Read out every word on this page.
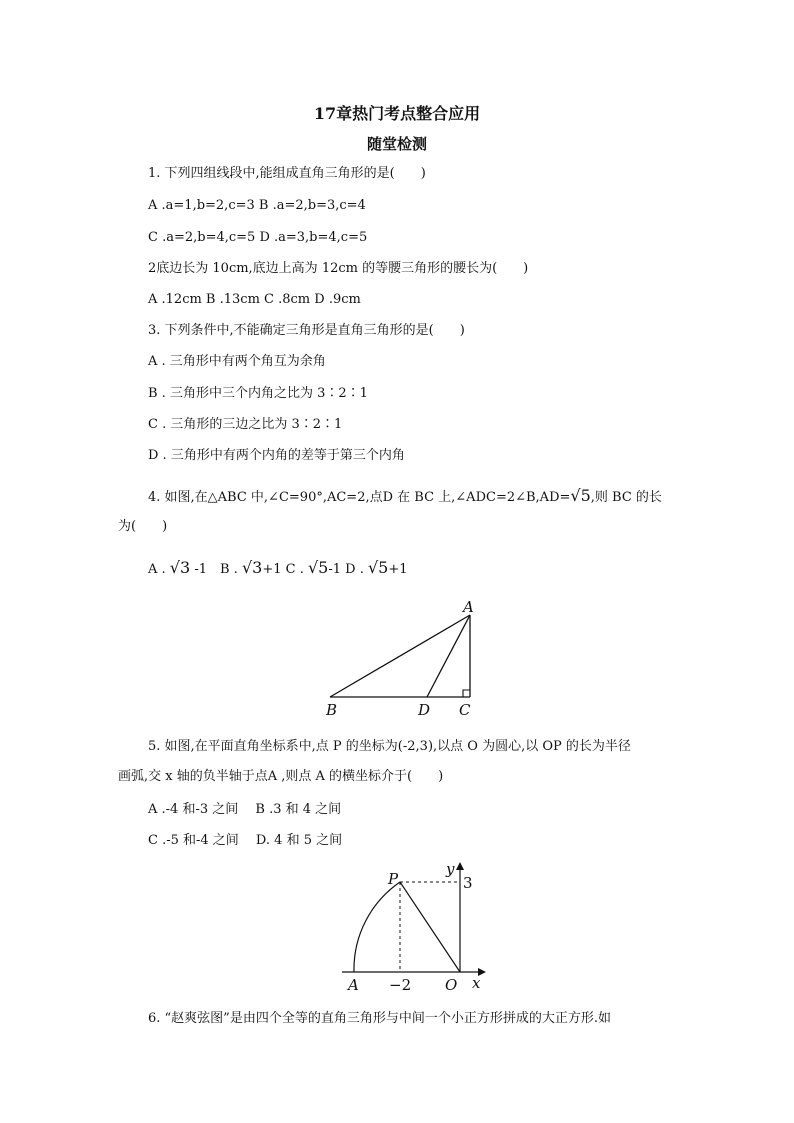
17章热门考点整合应用
随堂检测
1. 下列四组线段中,能组成直角三角形的是(　　)
A .a=1,b=2,c=3 B .a=2,b=3,c=4
C .a=2,b=4,c=5 D .a=3,b=4,c=5
2底边长为 10cm,底边上高为 12cm 的等腰三角形的腰长为(　　)
A .12cm B .13cm C .8cm D .9cm
3. 下列条件中,不能确定三角形是直角三角形的是(　　)
A . 三角形中有两个角互为余角
B . 三角形中三个内角之比为 3∶2∶1
C . 三角形的三边之比为 3∶2∶1
D . 三角形中有两个内角的差等于第三个内角
4. 如图,在△ABC 中,∠C=90°,AC=2,点D 在 BC 上,∠ADC=2∠B,AD=√5,则 BC 的长
为(　　)
A . √3 -1　B . √3+1 C . √5-1 D . √5+1
A
B	D C
5. 如图,在平面直角坐标系中,点 P 的坐标为(-2,3),以点 O 为圆心,以 OP 的长为半径
画弧,交 x 轴的负半轴于点A ,则点 A 的横坐标介于(　　)
A .-4 和-3 之间　 B .3 和 4 之间
C .-5 和-4 之间　 D. 4 和 5 之间
P
y
3
A −2 O x
6. “赵爽弦图”是由四个全等的直角三角形与中间一个小正方形拼成的大正方形.如
